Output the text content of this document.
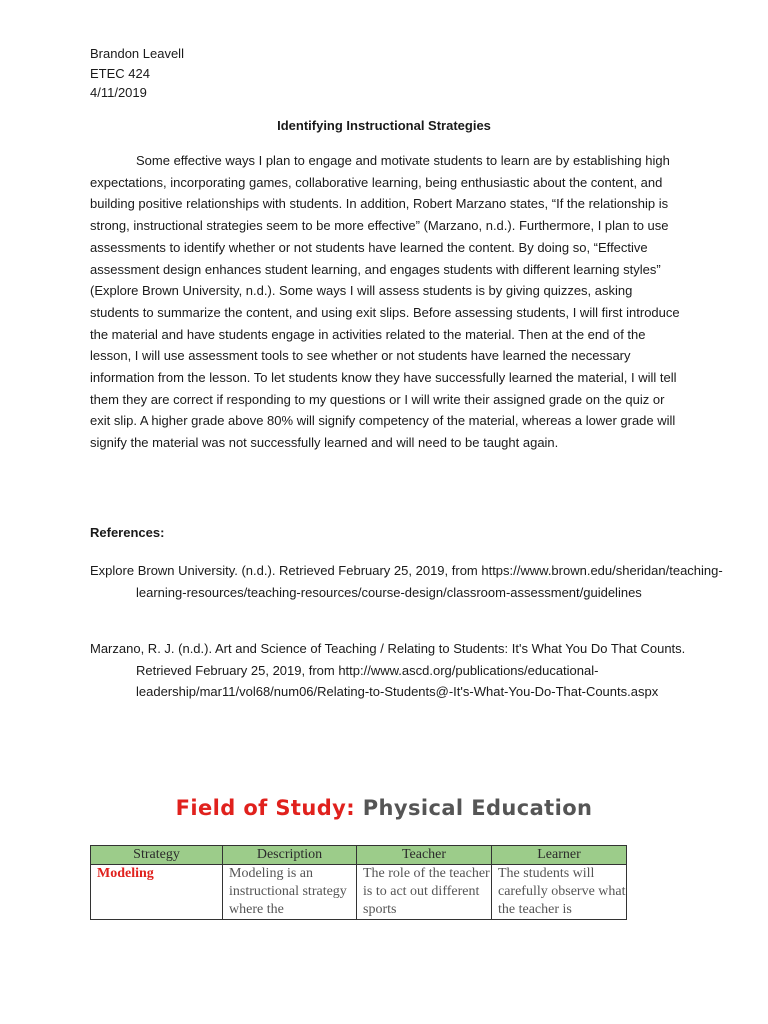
Brandon Leavell
ETEC 424
4/11/2019
Identifying Instructional Strategies

Some effective ways I plan to engage and motivate students to learn are by establishing high expectations, incorporating games, collaborative learning, being enthusiastic about the content, and building positive relationships with students. In addition, Robert Marzano states, “If the relationship is strong, instructional strategies seem to be more effective” (Marzano, n.d.). Furthermore, I plan to use assessments to identify whether or not students have learned the content. By doing so, “Effective assessment design enhances student learning, and engages students with different learning styles” (Explore Brown University, n.d.). Some ways I will assess students is by giving quizzes, asking students to summarize the content, and using exit slips. Before assessing students, I will first introduce the material and have students engage in activities related to the material. Then at the end of the lesson, I will use assessment tools to see whether or not students have learned the necessary information from the lesson. To let students know they have successfully learned the material, I will tell them they are correct if responding to my questions or I will write their assigned grade on the quiz or exit slip. A higher grade above 80% will signify competency of the material, whereas a lower grade will signify the material was not successfully learned and will need to be taught again.

References:
Explore Brown University. (n.d.). Retrieved February 25, 2019, from https://www.brown.edu/sheridan/teaching-learning-resources/teaching-resources/course-design/classroom-assessment/guidelines
Marzano, R. J. (n.d.). Art and Science of Teaching / Relating to Students: It's What You Do That Counts. Retrieved February 25, 2019, from http://www.ascd.org/publications/educational-leadership/mar11/vol68/num06/Relating-to-Students@-It's-What-You-Do-That-Counts.aspx
Field of Study: Physical Education
Strategy	Description	Teacher	Learner

Modeling	Modeling is an instructional strategy where the	The role of the teacher is to act out different sports	The students will carefully observe what the teacher is
